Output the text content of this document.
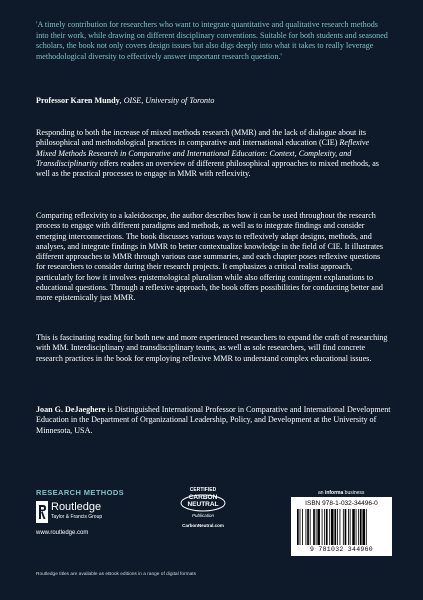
'A timely contribution for researchers who want to integrate quantitative and qualitative research methods into their work, while drawing on different disciplinary conventions. Suitable for both students and seasoned scholars, the book not only covers design issues but also digs deeply into what it takes to really leverage methodological diversity to effectively answer important research question.'
Professor Karen Mundy, OISE, University of Toronto
Responding to both the increase of mixed methods research (MMR) and the lack of dialogue about its philosophical and methodological practices in comparative and international education (CIE) Reflexive Mixed Methods Research in Comparative and International Education: Context, Complexity, and Transdisciplinarity offers readers an overview of different philosophical approaches to mixed methods, as well as the practical processes to engage in MMR with reflexivity.
Comparing reflexivity to a kaleidoscope, the author describes how it can be used throughout the research process to engage with different paradigms and methods, as well as to integrate findings and consider emerging interconnections. The book discusses various ways to reflexively adapt designs, methods, and analyses, and integrate findings in MMR to better contextualize knowledge in the field of CIE. It illustrates different approaches to MMR through various case summaries, and each chapter poses reflexive questions for researchers to consider during their research projects. It emphasizes a critical realist approach, particularly for how it involves epistemological pluralism while also offering contingent explanations to educational questions. Through a reflexive approach, the book offers possibilities for conducting better and more epistemically just MMR.
This is fascinating reading for both new and more experienced researchers to expand the craft of researching with MM. Interdisciplinary and transdisciplinary teams, as well as sole researchers, will find concrete research practices in the book for employing reflexive MMR to understand complex educational issues.
Joan G. DeJaeghere is Distinguished International Professor in Comparative and International Development Education in the Department of Organizational Leadership, Policy, and Development at the University of Minnesota, USA.
RESEARCH METHODS
Routledge
Taylor & Francis Group
www.routledge.com
CERTIFIED
CARBON
NEUTRAL
Publication
CarbonNeutral.com
an informa business
ISBN 978-1-032-34496-0
9 781032 344960
Routledge titles are available as eBook editions in a range of digital formats
